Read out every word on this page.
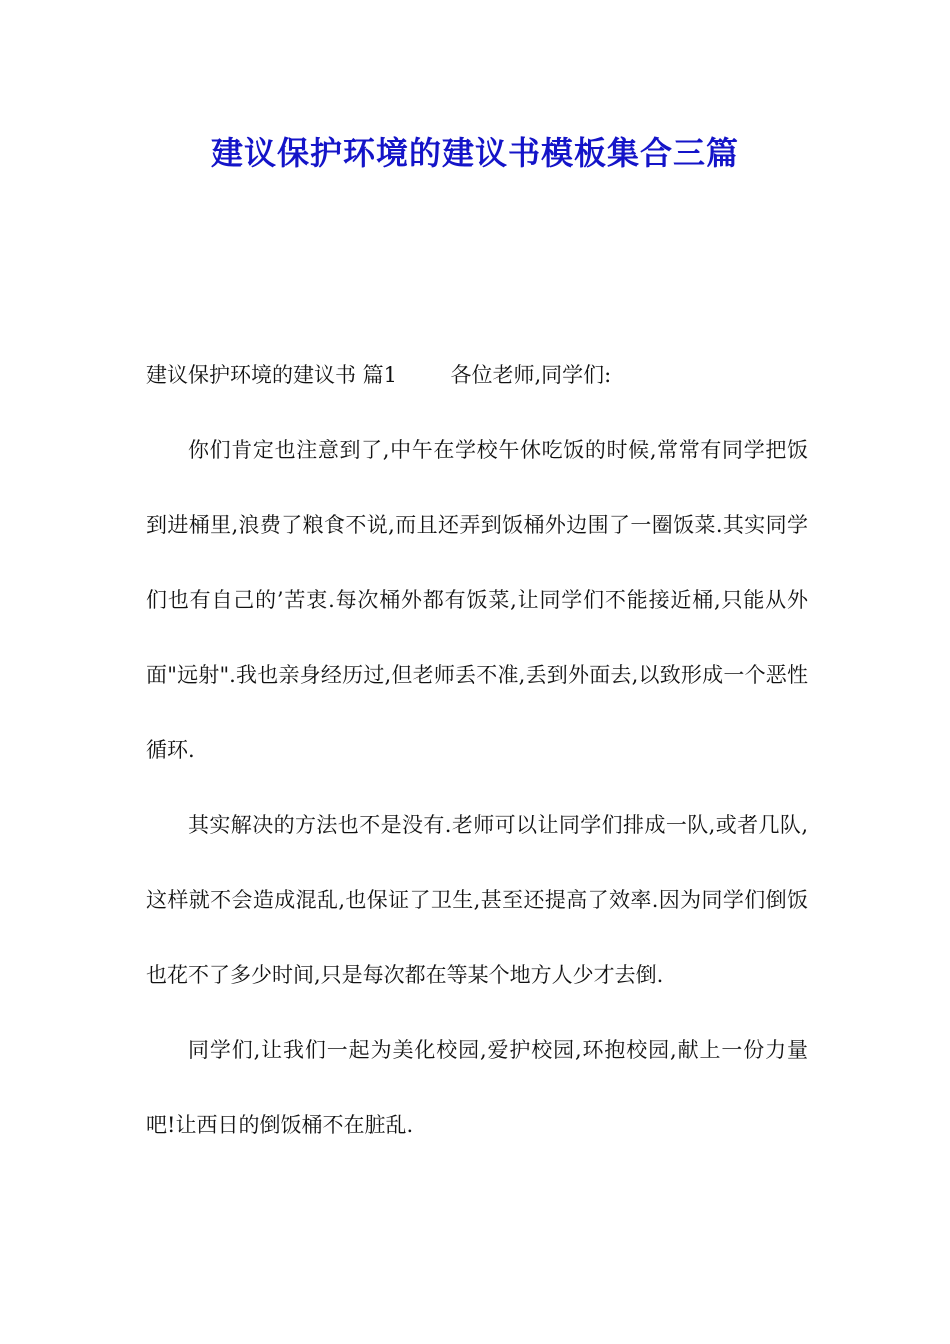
建议保护环境的建议书模板集合三篇

建议保护环境的建议书 篇1	各位老师,同学们:

你们肯定也注意到了,中午在学校午休吃饭的时候,常常有同学把饭到进桶里,浪费了粮食不说,而且还弄到饭桶外边围了一圈饭菜.其实同学们也有自己的’苦衷.每次桶外都有饭菜,让同学们不能接近桶,只能从外面"远射".我也亲身经历过,但老师丢不准,丢到外面去,以致形成一个恶性循环.

其实解决的方法也不是没有.老师可以让同学们排成一队,或者几队,这样就不会造成混乱,也保证了卫生,甚至还提高了效率.因为同学们倒饭也花不了多少时间,只是每次都在等某个地方人少才去倒.

同学们,让我们一起为美化校园,爱护校园,环抱校园,献上一份力量吧!让西日的倒饭桶不在脏乱.
